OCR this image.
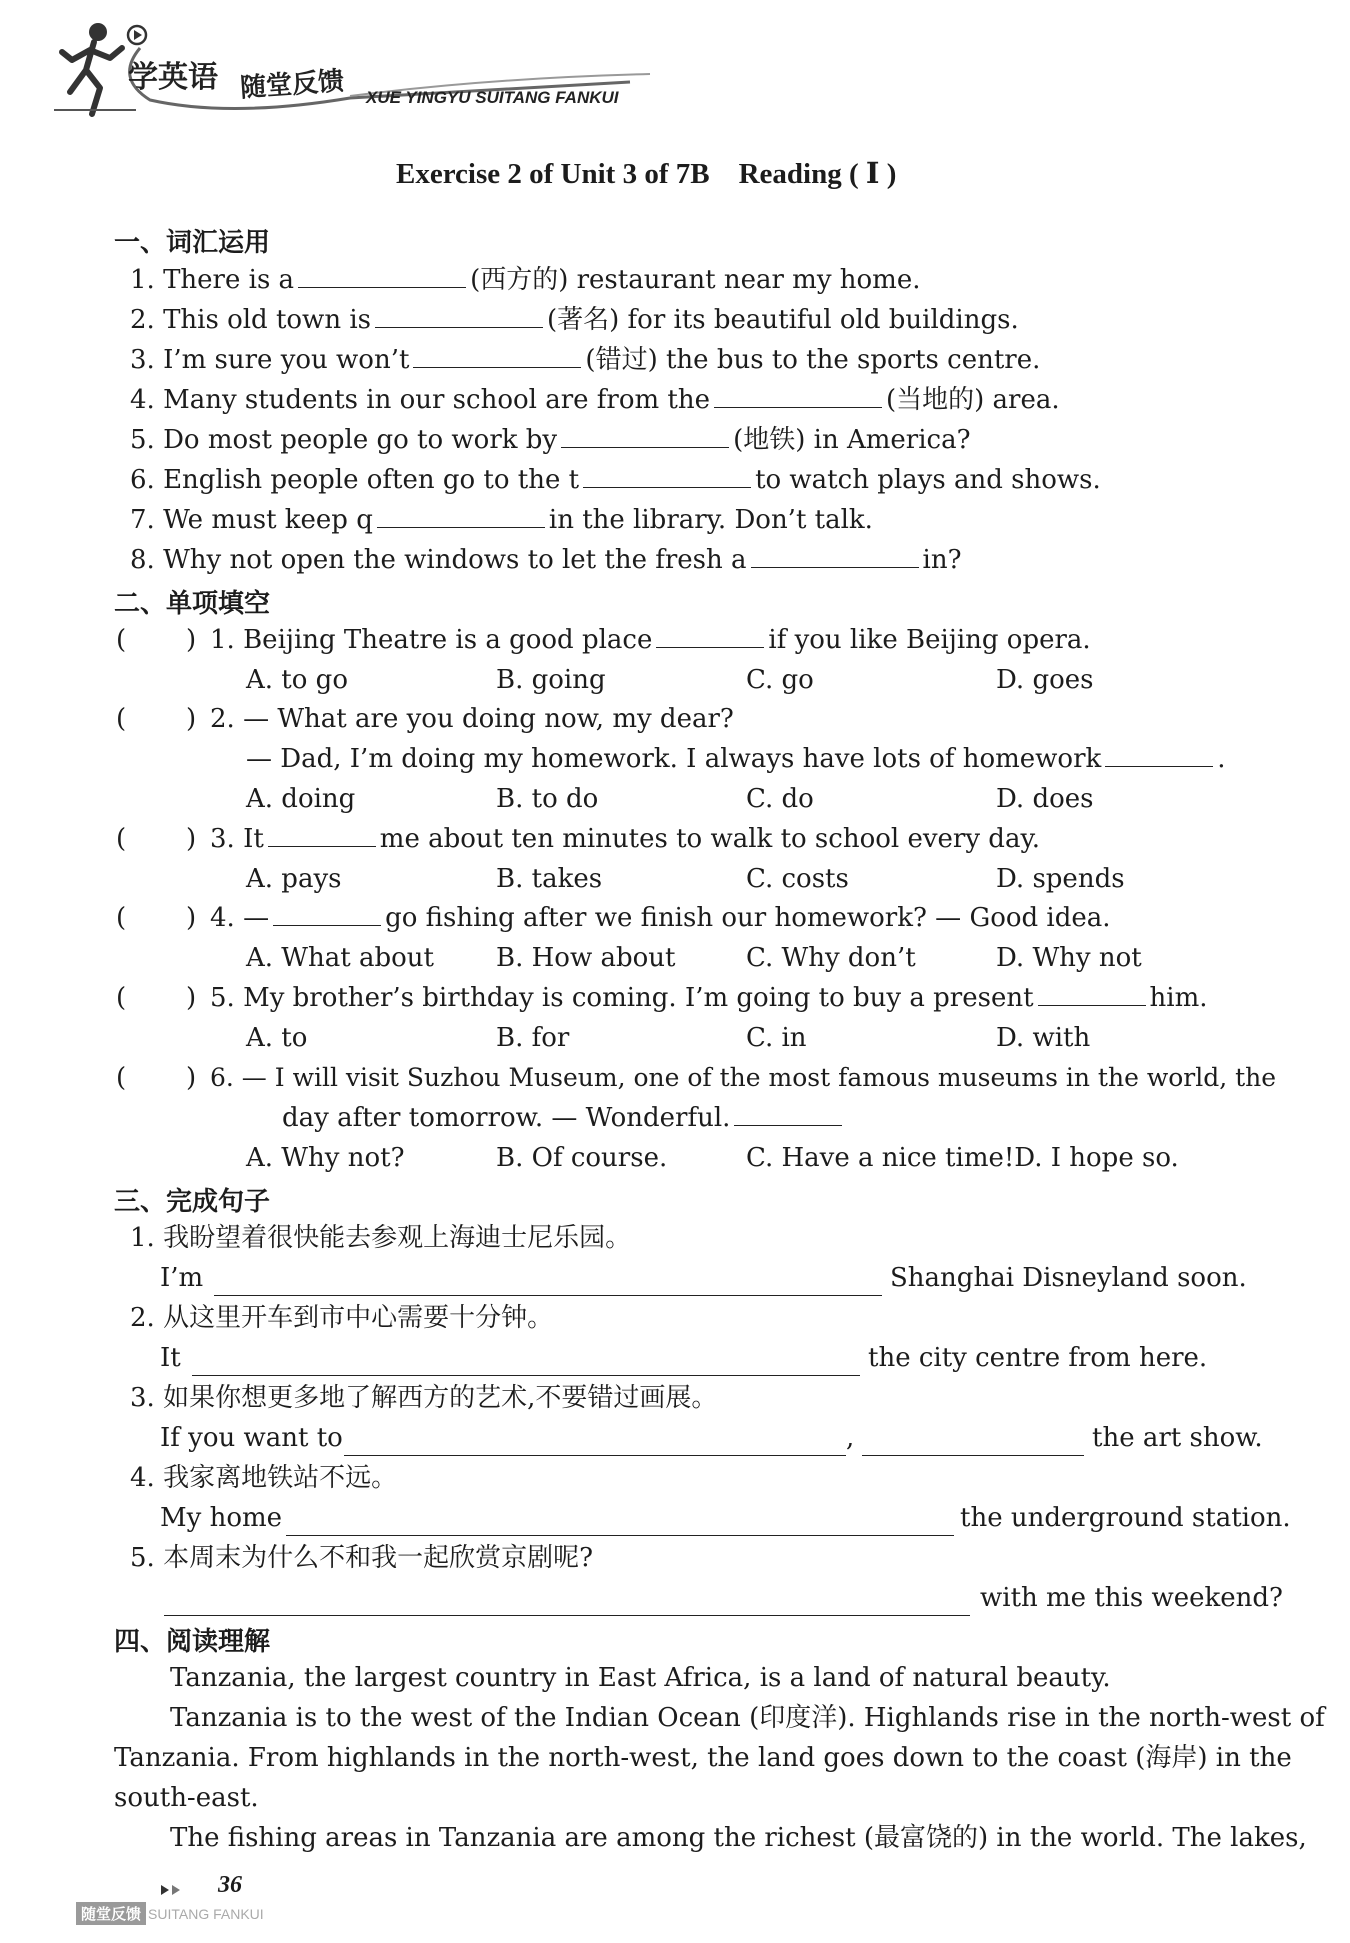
学英语 随堂反馈 XUE YINGYU SUITANG FANKUI
Exercise 2 of Unit 3 of 7B    Reading ( Ⅰ )
一、词汇运用
1. There is a	(西方的) restaurant near my home.
2. This old town is	(著名) for its beautiful old buildings.
3. I’m sure you won’t	(错过) the bus to the sports centre.
4. Many students in our school are from the	(当地的) area.
5. Do most people go to work by	(地铁) in America?
6. English people often go to the t	to watch plays and shows.
7. We must keep q	in the library. Don’t talk.
8. Why not open the windows to let the fresh a	in?
二、单项填空
( ) 1. Beijing Theatre is a good place	if you like Beijing opera.
A. to go	B. going	C. go	D. goes
( ) 2. — What are you doing now, my dear?
— Dad, I’m doing my homework. I always have lots of homework	.
A. doing	B. to do	C. do	D. does
( ) 3. It	me about ten minutes to walk to school every day.
A. pays	B. takes	C. costs	D. spends
( ) 4. —	go fishing after we finish our homework? — Good idea.
A. What about B. How about	C. Why don’t	D. Why not
( ) 5. My brother’s birthday is coming. I’m going to buy a present	him.
A. to	B. for	C. in	D. with
( ) 6. — I will visit Suzhou Museum, one of the most famous museums in the world, the
day after tomorrow. — Wonderful.
A. Why not?	B. Of course.	C. Have a nice time!D. I hope so.
三、完成句子
1. 我盼望着很快能去参观上海迪士尼乐园。
I’m	Shanghai Disneyland soon.
2. 从这里开车到市中心需要十分钟。
It	the city centre from here.
3. 如果你想更多地了解西方的艺术,不要错过画展。
If you want to	,	the art show.
4. 我家离地铁站不远。
My home	the underground station.
5. 本周末为什么不和我一起欣赏京剧呢?
with me this weekend?
四、阅读理解
Tanzania, the largest country in East Africa, is a land of natural beauty.
Tanzania is to the west of the Indian Ocean (印度洋). Highlands rise in the north-west of
Tanzania. From highlands in the north-west, the land goes down to the coast (海岸) in the
south-east.
The fishing areas in Tanzania are among the richest (最富饶的) in the world. The lakes,
36
随堂反馈 SUITANG FANKUI
